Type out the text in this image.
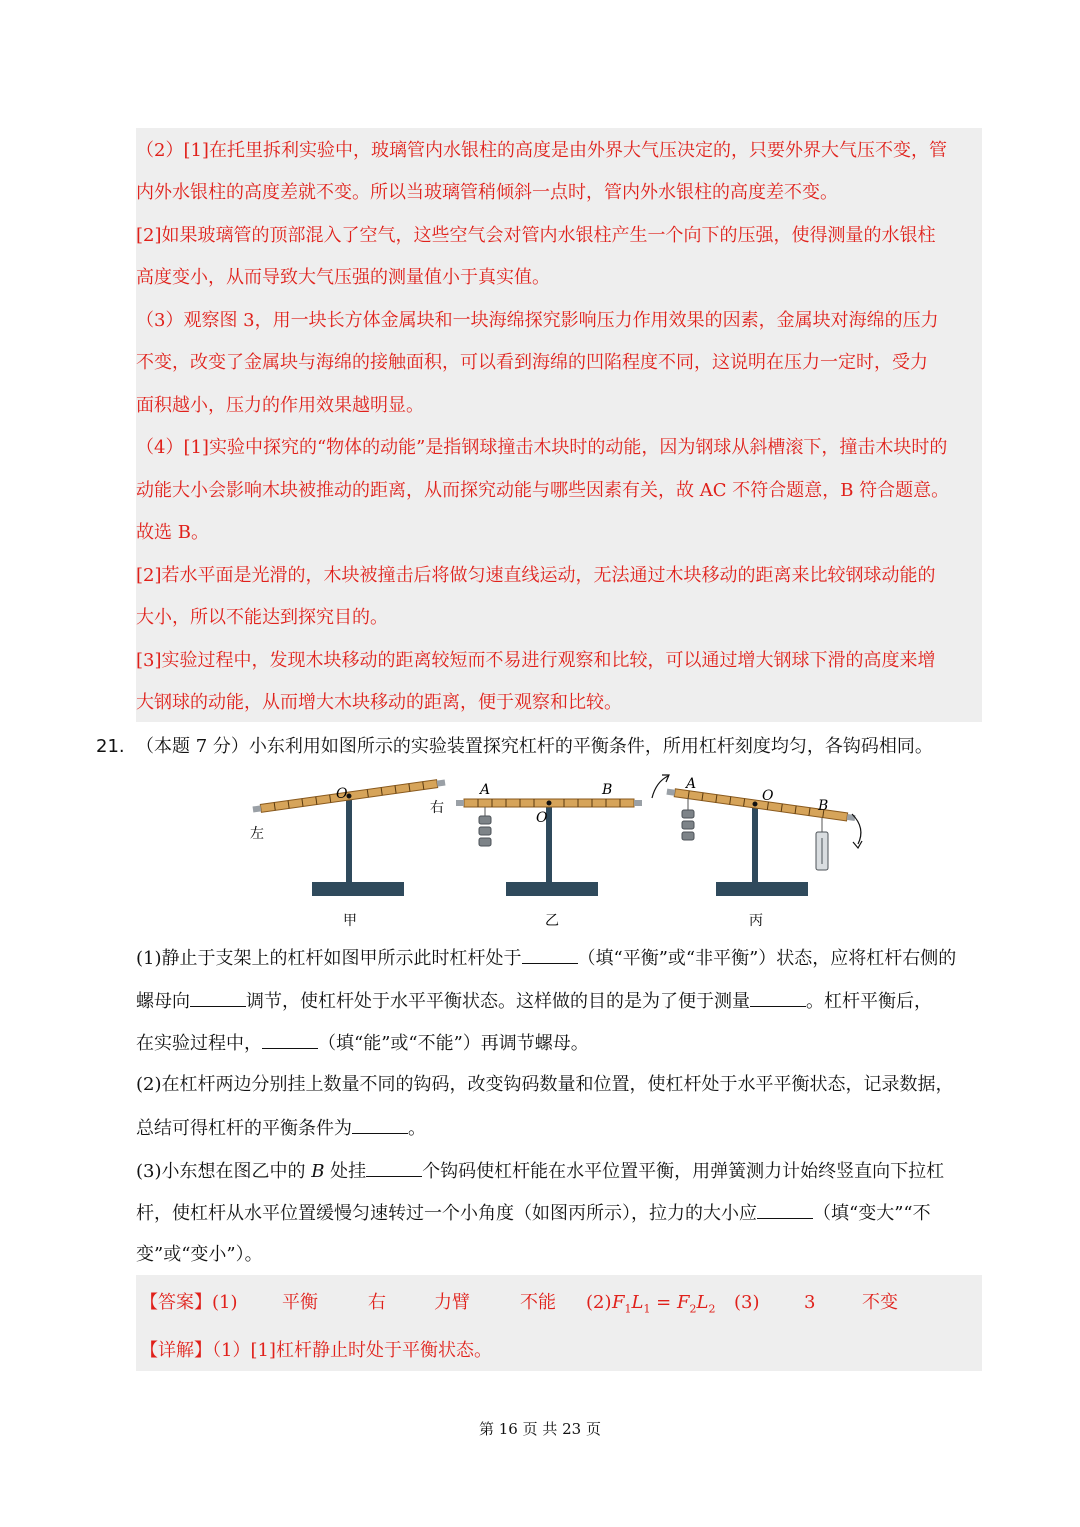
（2）[1]在托里拆利实验中，玻璃管内水银柱的高度是由外界大气压决定的，只要外界大气压不变，管
内外水银柱的高度差就不变。所以当玻璃管稍倾斜一点时，管内外水银柱的高度差不变。
[2]如果玻璃管的顶部混入了空气，这些空气会对管内水银柱产生一个向下的压强，使得测量的水银柱
高度变小，从而导致大气压强的测量值小于真实值。
（3）观察图 3，用一块长方体金属块和一块海绵探究影响压力作用效果的因素，金属块对海绵的压力
不变，改变了金属块与海绵的接触面积，可以看到海绵的凹陷程度不同，这说明在压力一定时，受力
面积越小，压力的作用效果越明显。
（4）[1]实验中探究的“物体的动能”是指钢球撞击木块时的动能，因为钢球从斜槽滚下，撞击木块时的
动能大小会影响木块被推动的距离，从而探究动能与哪些因素有关，故 AC 不符合题意，B 符合题意。
故选 B。
[2]若水平面是光滑的，木块被撞击后将做匀速直线运动，无法通过木块移动的距离来比较钢球动能的
大小，所以不能达到探究目的。
[3]实验过程中，发现木块移动的距离较短而不易进行观察和比较，可以通过增大钢球下滑的高度来增
大钢球的动能，从而增大木块移动的距离，便于观察和比较。
21. （本题 7 分）小东利用如图所示的实验装置探究杠杆的平衡条件，所用杠杆刻度均匀，各钩码相同。
O
左
右
甲
A	B
O
乙
A
O
B
丙
(1)静止于支架上的杠杆如图甲所示此时杠杆处于	（填“平衡”或“非平衡”）状态，应将杠杆右侧的
螺母向	调节，使杠杆处于水平平衡状态。这样做的目的是为了便于测量	。杠杆平衡后，
在实验过程中，	（填“能”或“不能”）再调节螺母。
(2)在杠杆两边分别挂上数量不同的钩码，改变钩码数量和位置，使杠杆处于水平平衡状态，记录数据，
总结可得杠杆的平衡条件为	。
(3)小东想在图乙中的 B 处挂	个钩码使杠杆能在水平位置平衡，用弹簧测力计始终竖直向下拉杠
杆，使杠杆从水平位置缓慢匀速转过一个小角度（如图丙所示），拉力的大小应	（填“变大”“不
变”或“变小”）。
【答案】(1) 平衡	右	力臂	不能 (2) $F_1L_1 = F_2L_2$ (3) 3	不变
【详解】（1）[1]杠杆静止时处于平衡状态。
第 16 页 共 23 页
